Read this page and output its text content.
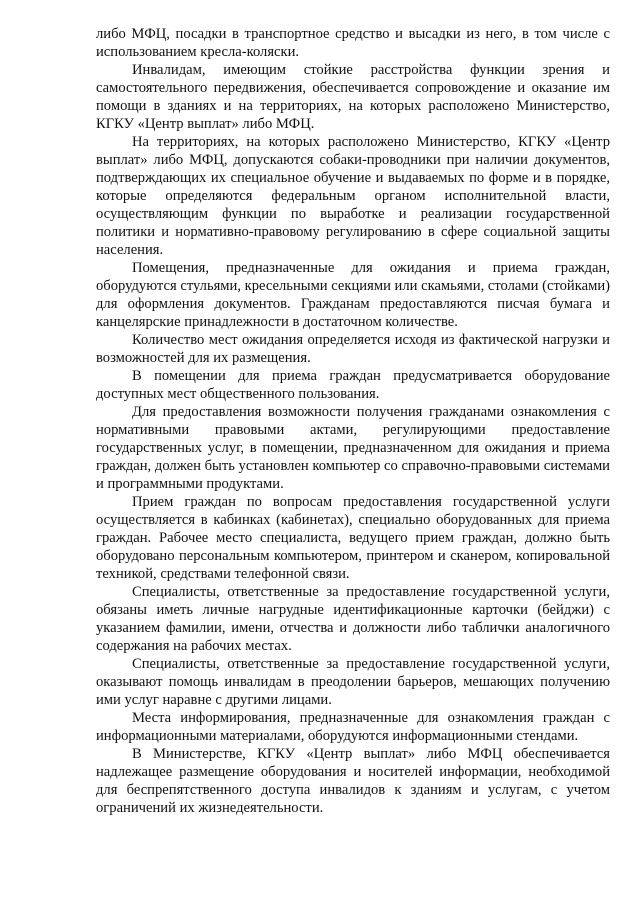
либо МФЦ, посадки в транспортное средство и высадки из него, в том числе с использованием кресла-коляски.

Инвалидам, имеющим стойкие расстройства функции зрения и самостоятельного передвижения, обеспечивается сопровождение и оказание им помощи в зданиях и на территориях, на которых расположено Министерство, КГКУ «Центр выплат» либо МФЦ.

На территориях, на которых расположено Министерство, КГКУ «Центр выплат» либо МФЦ, допускаются собаки-проводники при наличии документов, подтверждающих их специальное обучение и выдаваемых по форме и в порядке, которые определяются федеральным органом исполнительной власти, осуществляющим функции по выработке и реализации государственной политики и нормативно-правовому регулированию в сфере социальной защиты населения.

Помещения, предназначенные для ожидания и приема граждан, оборудуются стульями, кресельными секциями или скамьями, столами (стойками) для оформления документов. Гражданам предоставляются писчая бумага и канцелярские принадлежности в достаточном количестве.

Количество мест ожидания определяется исходя из фактической нагрузки и возможностей для их размещения.

В помещении для приема граждан предусматривается оборудование доступных мест общественного пользования.

Для предоставления возможности получения гражданами ознакомления с нормативными правовыми актами, регулирующими предоставление государственных услуг, в помещении, предназначенном для ожидания и приема граждан, должен быть установлен компьютер со справочно-правовыми системами и программными продуктами.

Прием граждан по вопросам предоставления государственной услуги осуществляется в кабинках (кабинетах), специально оборудованных для приема граждан. Рабочее место специалиста, ведущего прием граждан, должно быть оборудовано персональным компьютером, принтером и сканером, копировальной техникой, средствами телефонной связи.

Специалисты, ответственные за предоставление государственной услуги, обязаны иметь личные нагрудные идентификационные карточки (бейджи) с указанием фамилии, имени, отчества и должности либо таблички аналогичного содержания на рабочих местах.

Специалисты, ответственные за предоставление государственной услуги, оказывают помощь инвалидам в преодолении барьеров, мешающих получению ими услуг наравне с другими лицами.

Места информирования, предназначенные для ознакомления граждан с информационными материалами, оборудуются информационными стендами.

В Министерстве, КГКУ «Центр выплат» либо МФЦ обеспечивается надлежащее размещение оборудования и носителей информации, необходимой для беспрепятственного доступа инвалидов к зданиям и услугам, с учетом ограничений их жизнедеятельности.
